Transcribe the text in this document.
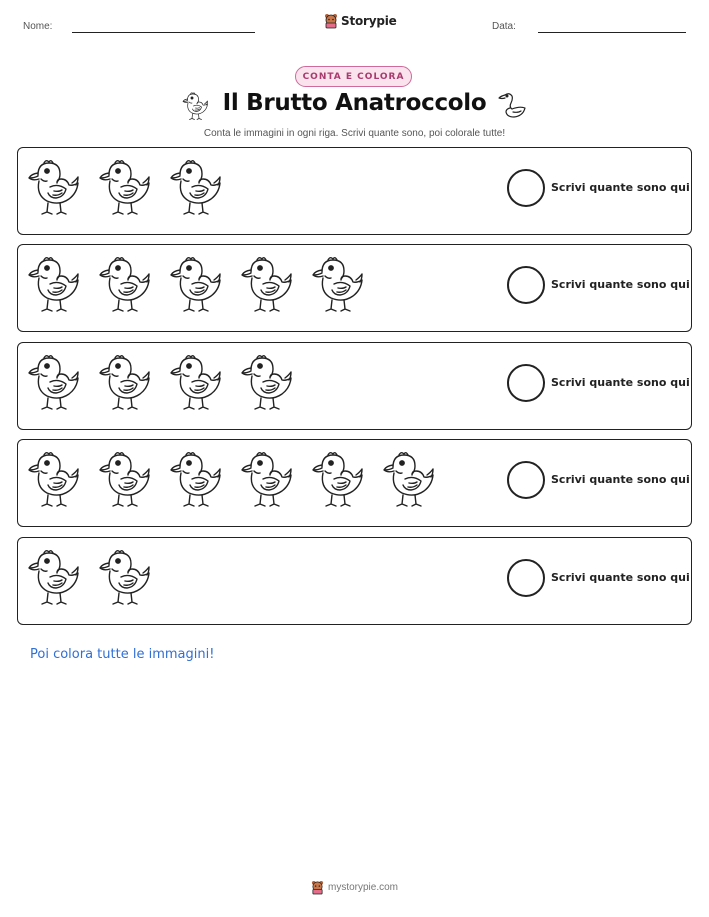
Nome:	Storypie	Data:
CONTA E COLORA
Il Brutto Anatroccolo
Conta le immagini in ogni riga. Scrivi quante sono, poi colorale tutte!
Scrivi quante sono qui
Scrivi quante sono qui
Scrivi quante sono qui
Scrivi quante sono qui
Scrivi quante sono qui
Poi colora tutte le immagini!
mystorypie.com
